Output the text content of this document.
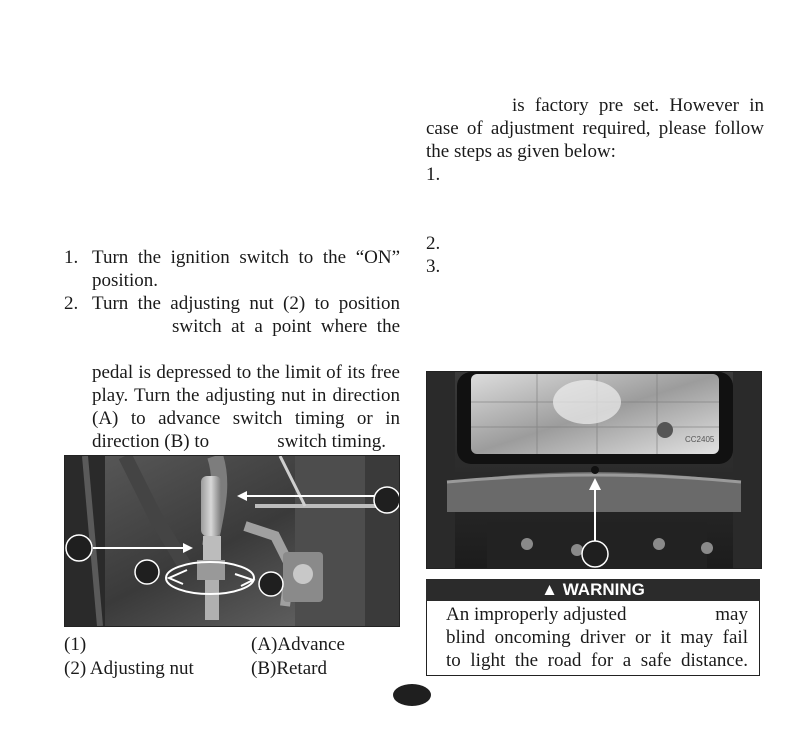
is factory pre set. However in
case of adjustment required, please follow
the steps as given below:
1.
2.
3.
1. Turn the ignition switch to the “ON”
position.
2. Turn the adjusting nut (2) to position
switch at a point where the
pedal is depressed to the limit of its free
play. Turn the adjusting nut in direction
(A) to advance switch timing or in
direction (B) to	switch timing.
(1)
(2) Adjusting nut
(A)Advance
(B)Retard
CC2405
▲ WARNING
An improperly adjusted	may
blind oncoming driver or it may fail
to light the road for a safe distance.
